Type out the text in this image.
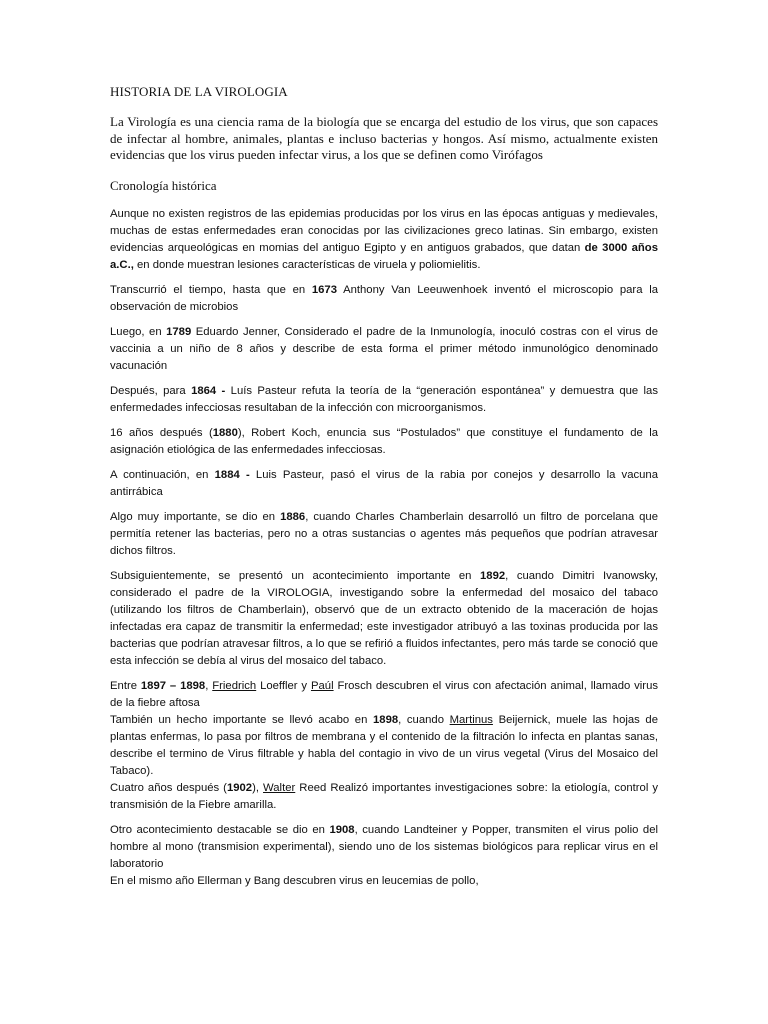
HISTORIA DE LA VIROLOGIA

La Virología es una ciencia rama de la biología que se encarga del estudio de los virus, que son capaces de infectar al hombre, animales, plantas e incluso bacterias y hongos. Así mismo, actualmente existen evidencias que los virus pueden infectar virus, a los que se definen como Virófagos

Cronología histórica

Aunque no existen registros de las epidemias producidas por los virus en las épocas antiguas y medievales, muchas de estas enfermedades eran conocidas por las civilizaciones greco latinas. Sin embargo, existen evidencias arqueológicas en momias del antiguo Egipto y en antiguos grabados, que datan de 3000 años a.C., en donde muestran lesiones características de viruela y poliomielitis.

Transcurrió el tiempo, hasta que en 1673 Anthony Van Leeuwenhoek inventó el microscopio para la observación de microbios

Luego, en 1789 Eduardo Jenner, Considerado el padre de la Inmunología, inoculó costras con el virus de vaccinia a un niño de 8 años y describe de esta forma el primer método inmunológico denominado vacunación

Después, para 1864 - Luís Pasteur refuta la teoría de la “generación espontánea” y demuestra que las enfermedades infecciosas resultaban de la infección con microorganismos.

16 años después (1880), Robert Koch, enuncia sus “Postulados” que constituye el fundamento de la asignación etiológica de las enfermedades infecciosas.

A continuación, en 1884 - Luis Pasteur, pasó el virus de la rabia por conejos y desarrollo la vacuna antirrábica

Algo muy importante, se dio en 1886, cuando Charles Chamberlain desarrolló un filtro de porcelana que permitía retener las bacterias, pero no a otras sustancias o agentes más pequeños que podrían atravesar dichos filtros.

Subsiguientemente, se presentó un acontecimiento importante en 1892, cuando Dimitri Ivanowsky, considerado el padre de la VIROLOGIA, investigando sobre la enfermedad del mosaico del tabaco (utilizando los filtros de Chamberlain), observó que de un extracto obtenido de la maceración de hojas infectadas era capaz de transmitir la enfermedad; este investigador atribuyó a las toxinas producida por las bacterias que podrían atravesar filtros, a lo que se refirió a fluidos infectantes, pero más tarde se conoció que esta infección se debía al virus del mosaico del tabaco.

Entre 1897 – 1898, Friedrich Loeffler y Paúl Frosch descubren el virus con afectación animal, llamado virus de la fiebre aftosa

También un hecho importante se llevó acabo en 1898, cuando Martinus Beijernick, muele las hojas de plantas enfermas, lo pasa por filtros de membrana y el contenido de la filtración lo infecta en plantas sanas, describe el termino de Virus filtrable y habla del contagio in vivo de un virus vegetal (Virus del Mosaico del Tabaco).

Cuatro años después (1902), Walter Reed Realizó importantes investigaciones sobre: la etiología, control y transmisión de la Fiebre amarilla.

Otro acontecimiento destacable se dio en 1908, cuando Landteiner y Popper, transmiten el virus polio del hombre al mono (transmision experimental), siendo uno de los sistemas biológicos para replicar virus en el laboratorio

En el mismo año Ellerman y Bang descubren virus en leucemias de pollo,
